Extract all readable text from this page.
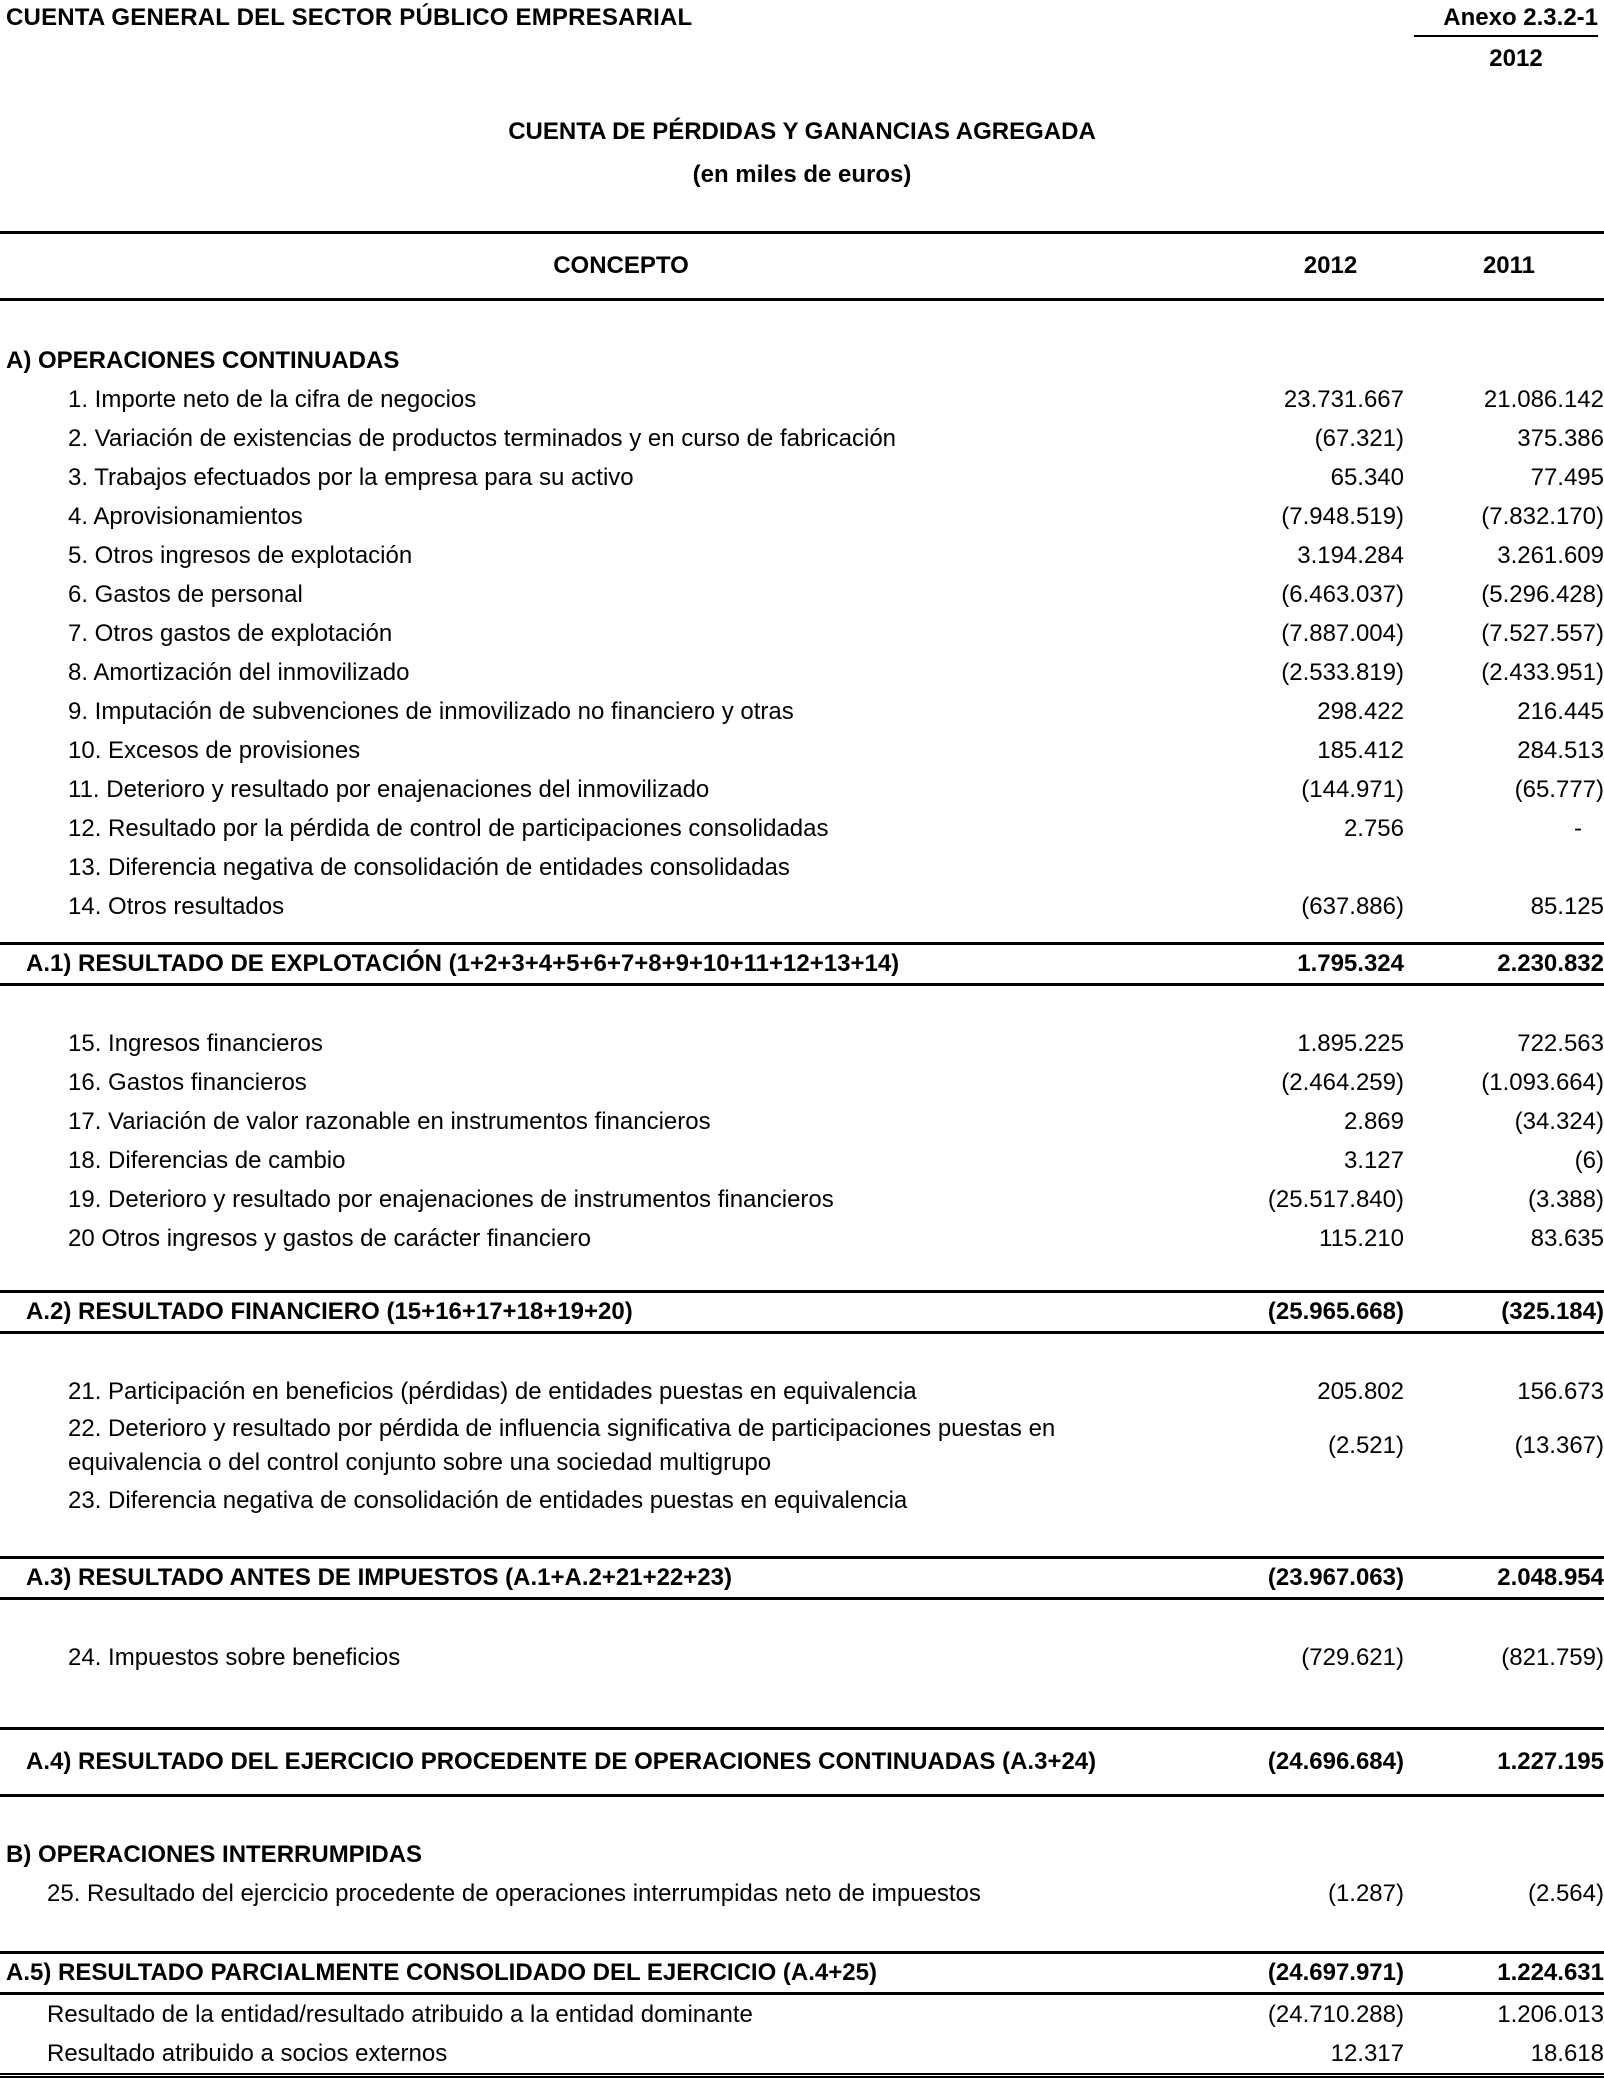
CUENTA GENERAL DEL SECTOR PÚBLICO EMPRESARIAL	Anexo 2.3.2-1
2012
CUENTA DE PÉRDIDAS Y GANANCIAS AGREGADA
(en miles de euros)
CONCEPTO	2012	2011

A) OPERACIONES CONTINUADAS		
1. Importe neto de la cifra de negocios	23.731.667	21.086.142
2. Variación de existencias de productos terminados y en curso de fabricación	(67.321)	375.386
3. Trabajos efectuados por la empresa para su activo	65.340	77.495
4. Aprovisionamientos	(7.948.519)	(7.832.170)
5. Otros ingresos de explotación	3.194.284	3.261.609
6. Gastos de personal	(6.463.037)	(5.296.428)
7. Otros gastos de explotación	(7.887.004)	(7.527.557)
8. Amortización del inmovilizado	(2.533.819)	(2.433.951)
9. Imputación de subvenciones de inmovilizado no financiero y otras	298.422	216.445
10. Excesos de provisiones	185.412	284.513
11. Deterioro y resultado por enajenaciones del inmovilizado	(144.971)	(65.777)
12. Resultado por la pérdida de control de participaciones consolidadas	2.756	-
13. Diferencia negativa de consolidación de entidades consolidadas		
14. Otros resultados	(637.886)	85.125

A.1) RESULTADO DE EXPLOTACIÓN (1+2+3+4+5+6+7+8+9+10+11+12+13+14)	1.795.324	2.230.832

15. Ingresos financieros	1.895.225	722.563
16. Gastos financieros	(2.464.259)	(1.093.664)
17. Variación de valor razonable en instrumentos financieros	2.869	(34.324)
18. Diferencias de cambio	3.127	(6)
19. Deterioro y resultado por enajenaciones de instrumentos financieros	(25.517.840)	(3.388)
20 Otros ingresos y gastos de carácter financiero	115.210	83.635

A.2) RESULTADO FINANCIERO (15+16+17+18+19+20)	(25.965.668)	(325.184)

21. Participación en beneficios (pérdidas) de entidades puestas en equivalencia	205.802	156.673
22. Deterioro y resultado por pérdida de influencia significativa de participaciones puestas en equivalencia o del control conjunto sobre una sociedad multigrupo	(2.521)	(13.367)
23. Diferencia negativa de consolidación de entidades puestas en equivalencia		

A.3) RESULTADO ANTES DE IMPUESTOS (A.1+A.2+21+22+23)	(23.967.063)	2.048.954

24. Impuestos sobre beneficios	(729.621)	(821.759)

A.4) RESULTADO DEL EJERCICIO PROCEDENTE DE OPERACIONES CONTINUADAS (A.3+24)	(24.696.684)	1.227.195

B) OPERACIONES INTERRUMPIDAS		
25. Resultado del ejercicio procedente de operaciones interrumpidas neto de impuestos	(1.287)	(2.564)

A.5) RESULTADO PARCIALMENTE CONSOLIDADO DEL EJERCICIO (A.4+25)	(24.697.971)	1.224.631
Resultado de la entidad/resultado atribuido a la entidad dominante	(24.710.288)	1.206.013
Resultado atribuido a socios externos	12.317	18.618
